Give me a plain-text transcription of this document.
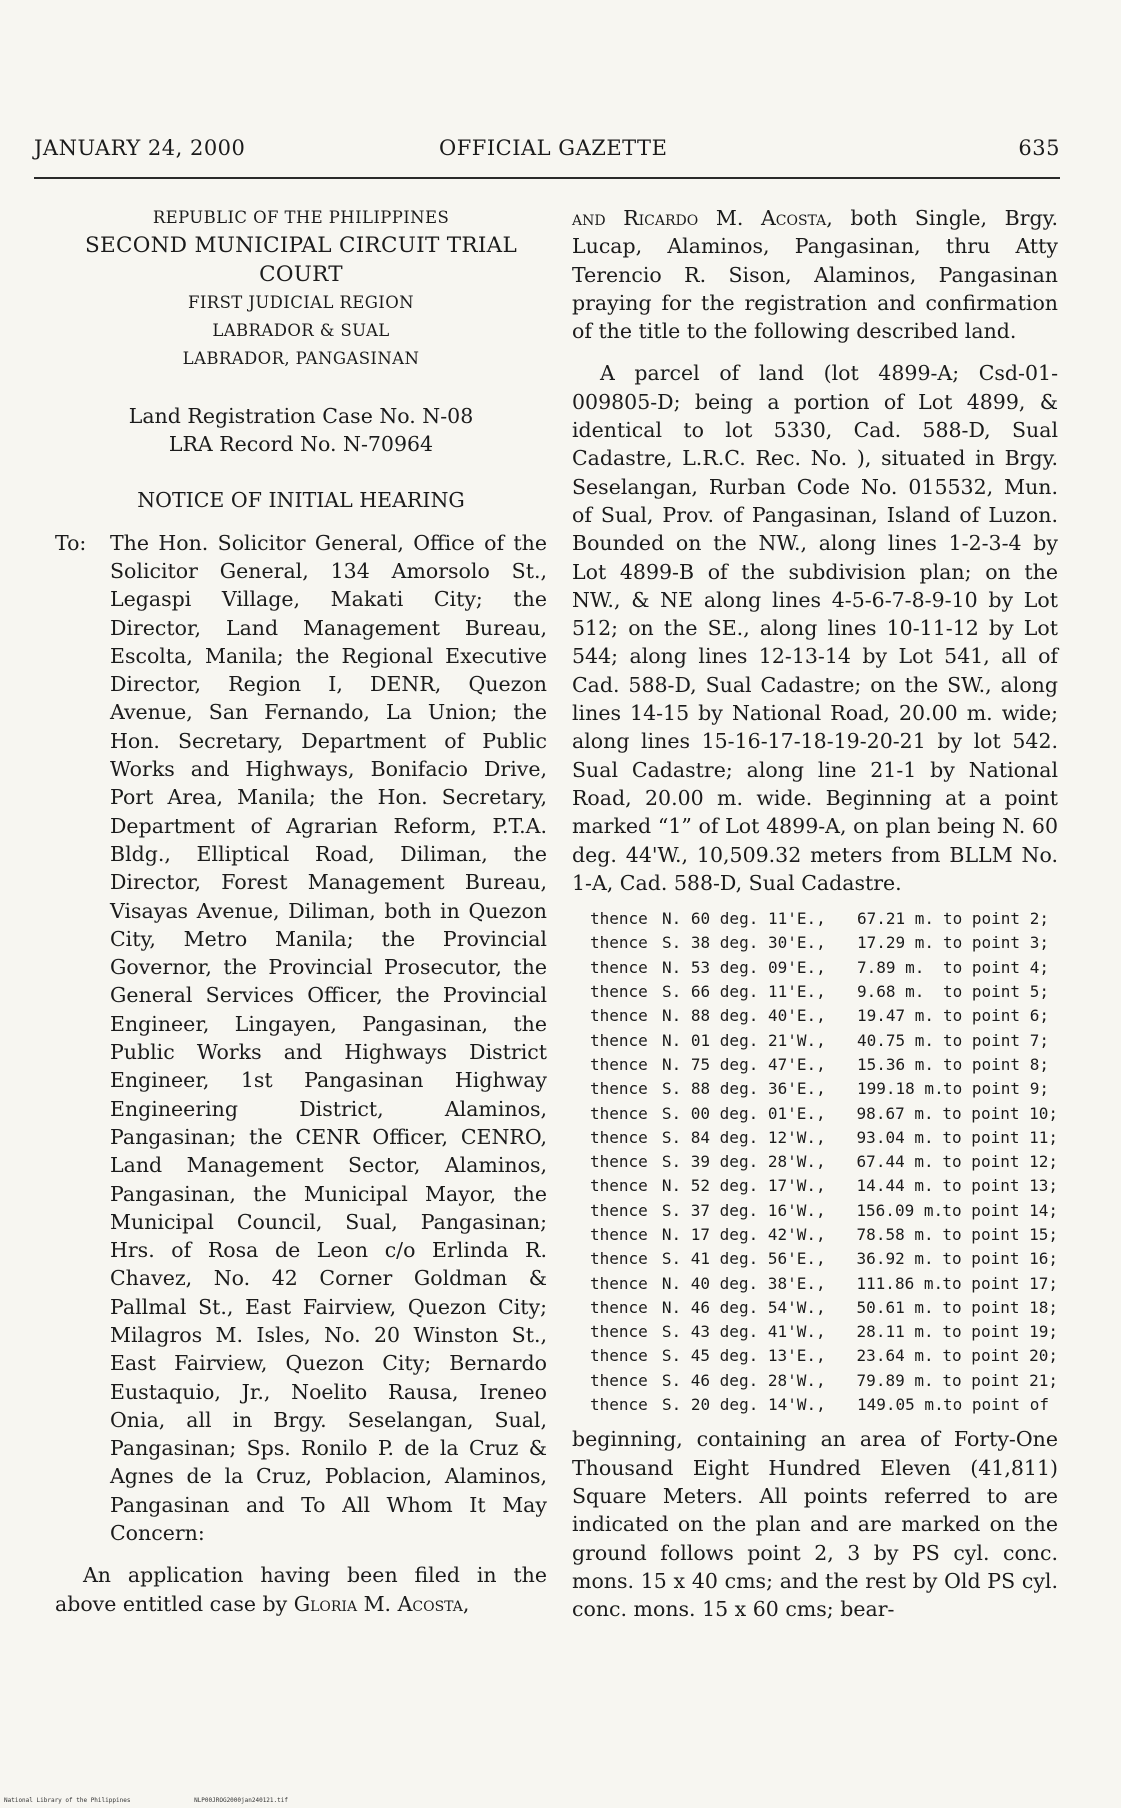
JANUARY 24, 2000	OFFICIAL GAZETTE	635
REPUBLIC OF THE PHILIPPINES
SECOND MUNICIPAL CIRCUIT TRIAL
COURT
FIRST JUDICIAL REGION
LABRADOR & SUAL
LABRADOR, PANGASINAN
Land Registration Case No. N-08
LRA Record No. N-70964
NOTICE OF INITIAL HEARING
To: The Hon. Solicitor General, Office of the Solicitor General, 134 Amorsolo St., Legaspi Village, Makati City; the Director, Land Management Bureau, Escolta, Manila; the Regional Executive Director, Region I, DENR, Quezon Avenue, San Fernando, La Union; the Hon. Secretary, Department of Public Works and Highways, Bonifacio Drive, Port Area, Manila; the Hon. Secretary, Department of Agrarian Reform, P.T.A. Bldg., Elliptical Road, Diliman, the Director, Forest Management Bureau, Visayas Avenue, Diliman, both in Quezon City, Metro Manila; the Provincial Governor, the Provincial Prosecutor, the General Services Officer, the Provincial Engineer, Lingayen, Pangasinan, the Public Works and Highways District Engineer, 1st Pangasinan Highway Engineering District, Alaminos, Pangasinan; the CENR Officer, CENRO, Land Management Sector, Alaminos, Pangasinan, the Municipal Mayor, the Municipal Council, Sual, Pangasinan; Hrs. of Rosa de Leon c/o Erlinda R. Chavez, No. 42 Corner Goldman & Pallmal St., East Fairview, Quezon City; Milagros M. Isles, No. 20 Winston St., East Fairview, Quezon City; Bernardo Eustaquio, Jr., Noelito Rausa, Ireneo Onia, all in Brgy. Seselangan, Sual, Pangasinan; Sps. Ronilo P. de la Cruz & Agnes de la Cruz, Poblacion, Alaminos, Pangasinan and To All Whom It May Concern:

An application having been filed in the above entitled case by Gloria M. Acosta,

and Ricardo M. Acosta, both Single, Brgy. Lucap, Alaminos, Pangasinan, thru Atty Terencio R. Sison, Alaminos, Pangasinan praying for the registration and confirmation of the title to the following described land.

A parcel of land (lot 4899-A; Csd-01-009805-D; being a portion of Lot 4899, & identical to lot 5330, Cad. 588-D, Sual Cadastre, L.R.C. Rec. No. ), situated in Brgy. Seselangan, Rurban Code No. 015532, Mun. of Sual, Prov. of Pangasinan, Island of Luzon. Bounded on the NW., along lines 1-2-3-4 by Lot 4899-B of the subdivision plan; on the NW., & NE along lines 4-5-6-7-8-9-10 by Lot 512; on the SE., along lines 10-11-12 by Lot 544; along lines 12-13-14 by Lot 541, all of Cad. 588-D, Sual Cadastre; on the SW., along lines 14-15 by National Road, 20.00 m. wide; along lines 15-16-17-18-19-20-21 by lot 542. Sual Cadastre; along line 21-1 by National Road, 20.00 m. wide. Beginning at a point marked “1” of Lot 4899-A, on plan being N. 60 deg. 44'W., 10,509.32 meters from BLLM No. 1-A, Cad. 588-D, Sual Cadastre.

thence N. 60 deg. 11'E.,	67.21 m. to point 2;
thence S. 38 deg. 30'E.,	17.29 m. to point 3;
thence N. 53 deg. 09'E.,	7.89 m.	to point 4;
thence S. 66 deg. 11'E.,	9.68 m.	to point 5;
thence N. 88 deg. 40'E.,	19.47 m. to point 6;
thence N. 01 deg. 21'W.,	40.75 m. to point 7;
thence N. 75 deg. 47'E.,	15.36 m. to point 8;
thence S. 88 deg. 36'E.,	199.18 m. to point 9;
thence S. 00 deg. 01'E.,	98.67 m. to point 10;
thence S. 84 deg. 12'W.,	93.04 m. to point 11;
thence S. 39 deg. 28'W.,	67.44 m. to point 12;
thence N. 52 deg. 17'W.,	14.44 m. to point 13;
thence S. 37 deg. 16'W.,	156.09 m. to point 14;
thence N. 17 deg. 42'W.,	78.58 m. to point 15;
thence S. 41 deg. 56'E.,	36.92 m. to point 16;
thence N. 40 deg. 38'E.,	111.86 m. to point 17;
thence N. 46 deg. 54'W.,	50.61 m. to point 18;
thence S. 43 deg. 41'W.,	28.11 m. to point 19;
thence S. 45 deg. 13'E.,	23.64 m. to point 20;
thence S. 46 deg. 28'W.,	79.89 m. to point 21;
thence S. 20 deg. 14'W.,	149.05 m. to point of

beginning, containing an area of Forty-One Thousand Eight Hundred Eleven (41,811) Square Meters. All points referred to are indicated on the plan and are marked on the ground follows point 2, 3 by PS cyl. conc. mons. 15 x 40 cms; and the rest by Old PS cyl. conc. mons. 15 x 60 cms; bear-

National Library of the Philippines	NLP00JROG2000jan240121.tif
